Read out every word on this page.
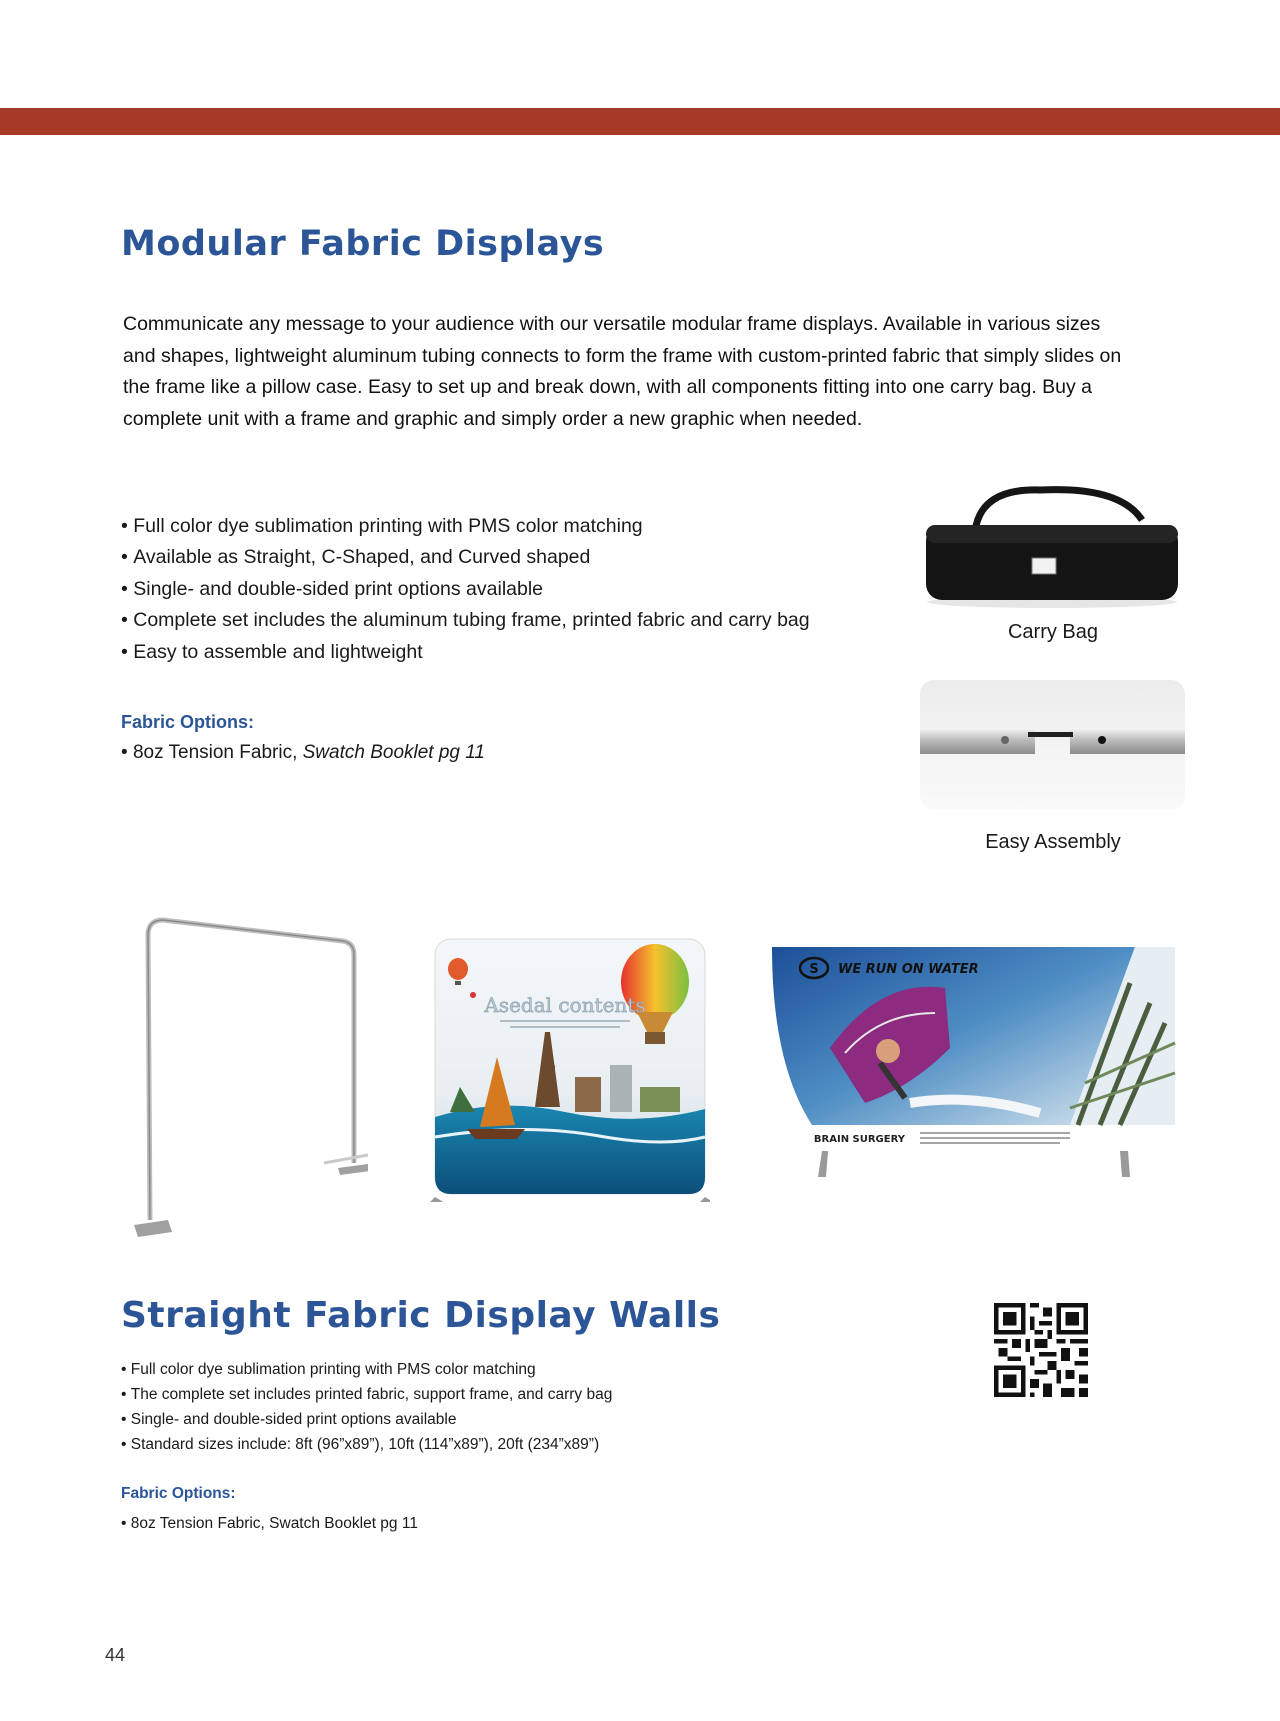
Modular Fabric Displays

Communicate any message to your audience with our versatile modular frame displays. Available in various sizes and shapes, lightweight aluminum tubing connects to form the frame with custom-printed fabric that simply slides on the frame like a pillow case. Easy to set up and break down, with all components fitting into one carry bag. Buy a complete unit with a frame and graphic and simply order a new graphic when needed.

• Full color dye sublimation printing with PMS color matching
• Available as Straight, C-Shaped, and Curved shaped
• Single- and double-sided print options available
• Complete set includes the aluminum tubing frame, printed fabric and carry bag
• Easy to assemble and lightweight

Fabric Options:

• 8oz Tension Fabric, Swatch Booklet pg 11

Carry Bag
Easy Assembly
Asedal contents
S WE RUN ON WATER
BRAIN SURGERY
Straight Fabric Display Walls
• Full color dye sublimation printing with PMS color matching
• The complete set includes printed fabric, support frame, and carry bag
• Single- and double-sided print options available
• Standard sizes include: 8ft (96”x89”), 10ft (114”x89”), 20ft (234”x89”)

Fabric Options:

• 8oz Tension Fabric, Swatch Booklet pg 11

44
